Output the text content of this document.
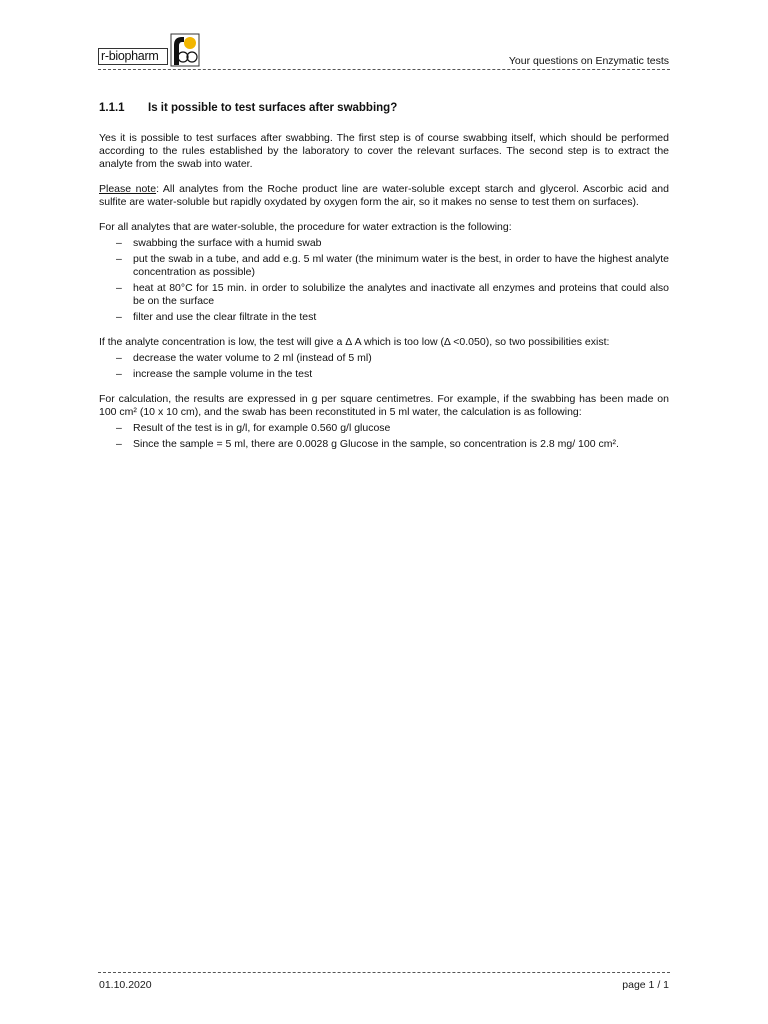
r-biopharm	Your questions on Enzymatic tests
1.1.1	Is it possible to test surfaces after swabbing?

Yes it is possible to test surfaces after swabbing. The first step is of course swabbing itself, which should be performed according to the rules established by the laboratory to cover the relevant surfaces. The second step is to extract the analyte from the swab into water.

Please note: All analytes from the Roche product line are water-soluble except starch and glycerol. Ascorbic acid and sulfite are water-soluble but rapidly oxydated by oxygen form the air, so it makes no sense to test them on surfaces).

For all analytes that are water-soluble, the procedure for water extraction is the following:

– swabbing the surface with a humid swab
– put the swab in a tube, and add e.g. 5 ml water (the minimum water is the best, in order to have the highest analyte concentration as possible)
– heat at 80°C for 15 min. in order to solubilize the analytes and inactivate all enzymes and proteins that could also be on the surface
– filter and use the clear filtrate in the test

If the analyte concentration is low, the test will give a Δ A which is too low (Δ <0.050), so two possibilities exist:

– decrease the water volume to 2 ml (instead of 5 ml)
– increase the sample volume in the test

For calculation, the results are expressed in g per square centimetres. For example, if the swabbing has been made on 100 cm² (10 x 10 cm), and the swab has been reconstituted in 5 ml water, the calculation is as following:

– Result of the test is in g/l, for example 0.560 g/l glucose
– Since the sample = 5 ml, there are 0.0028 g Glucose in the sample, so concentration is 2.8 mg/ 100 cm².
01.10.2020	page 1 / 1
